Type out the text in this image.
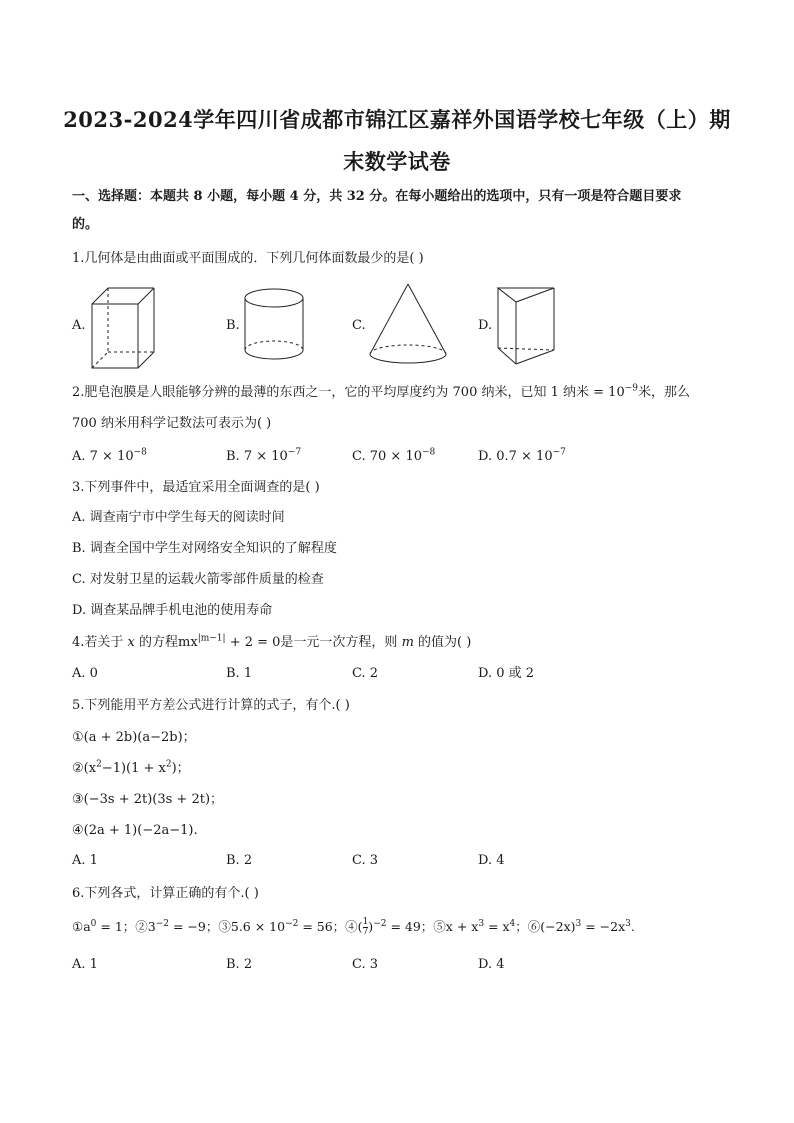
2023-2024学年四川省成都市锦江区嘉祥外国语学校七年级（上）期
末数学试卷
一、选择题：本题共 8 小题，每小题 4 分，共 32 分。在每小题给出的选项中，只有一项是符合题目要求
的。
1.几何体是由曲面或平面围成的．下列几何体面数最少的是( )
A.	B.	C.	D.
2.肥皂泡膜是人眼能够分辨的最薄的东西之一，它的平均厚度约为 700 纳米，已知 1 纳米 = $10^{-9}$米，那么
700 纳米用科学记数法可表示为( )
A. $7 \times 10^{-8}$	B. $7 \times 10^{-7}$	C. $70 \times 10^{-8}$	D. $0.7 \times 10^{-7}$
3.下列事件中，最适宜采用全面调查的是( )
A. 调查南宁市中学生每天的阅读时间
B. 调查全国中学生对网络安全知识的了解程度
C. 对发射卫星的运载火箭零部件质量的检查
D. 调查某品牌手机电池的使用寿命
4.若关于 x 的方程$mx^{|m-1|} + 2 = 0$是一元一次方程，则 m 的值为( )
A. 0	B. 1	C. 2	D. 0 或 2
5.下列能用平方差公式进行计算的式子，有个.( )
①(a + 2b)(a−2b)；
$②(x^2-1)(1 + x^2)$；
③(−3s + 2t)(3s + 2t)；
④(2a + 1)(−2a−1).
A. 1	B. 2	C. 3	D. 4
6.下列各式，计算正确的有个.( )
$①a^0 = 1$；$②3^{-2} = -9$；③5.6 × $10^{-2} = 56$；④( $\frac{1}{7} )^{-2} = 49$；⑤x + $x^3 = x^4$；$⑥(-2x)^3 = -2x^3$.
A. 1	B. 2	C. 3	D. 4
